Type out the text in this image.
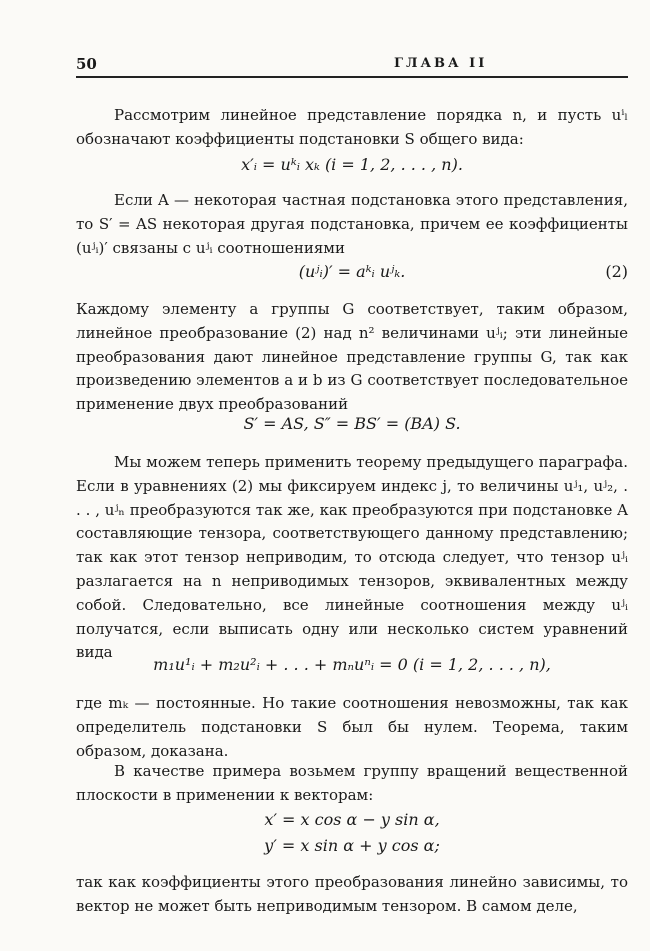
50	ГЛАВА II
Рассмотрим линейное представление порядка n, и пусть uⁱₗ обозначают коэффициенты подстановки S общего вида:
x′ᵢ = uᵏᵢ xₖ (i = 1, 2, . . . , n).
Если A — некоторая частная подстановка этого представления, то S′ = AS некоторая другая подстановка, причем ее коэффициенты (uʲᵢ)′ связаны с uʲᵢ соотношениями
(uʲᵢ)′ = aᵏᵢ uʲₖ.	(2)
Каждому элементу a группы G соответствует, таким образом, линейное преобразование (2) над n² величинами uʲᵢ; эти линейные преобразования дают линейное представление группы G, так как произведению элементов a и b из G соответствует последовательное применение двух преобразований
S′ = AS, S″ = BS′ = (BA) S.
Мы можем теперь применить теорему предыдущего параграфа. Если в уравнениях (2) мы фиксируем индекс j, то величины uʲ₁, uʲ₂, . . . , uʲₙ преобразуются так же, как преобразуются при подстановке A составляющие тензора, соответствующего данному представлению; так как этот тензор неприводим, то отсюда следует, что тензор uʲᵢ разлагается на n неприводимых тензоров, эквивалентных между собой. Следовательно, все линейные соотношения между uʲᵢ получатся, если выписать одну или несколько систем уравнений вида
m₁u¹ᵢ + m₂u²ᵢ + . . . + mₙuⁿᵢ = 0 (i = 1, 2, . . . , n),
где mₖ — постоянные. Но такие соотношения невозможны, так как определитель подстановки S был бы нулем. Теорема, таким образом, доказана.
В качестве примера возьмем группу вращений вещественной плоскости в применении к векторам:
x′ = x cos α − y sin α,
y′ = x sin α + y cos α;
так как коэффициенты этого преобразования линейно зависимы, то вектор не может быть неприводимым тензором. В самом деле,
